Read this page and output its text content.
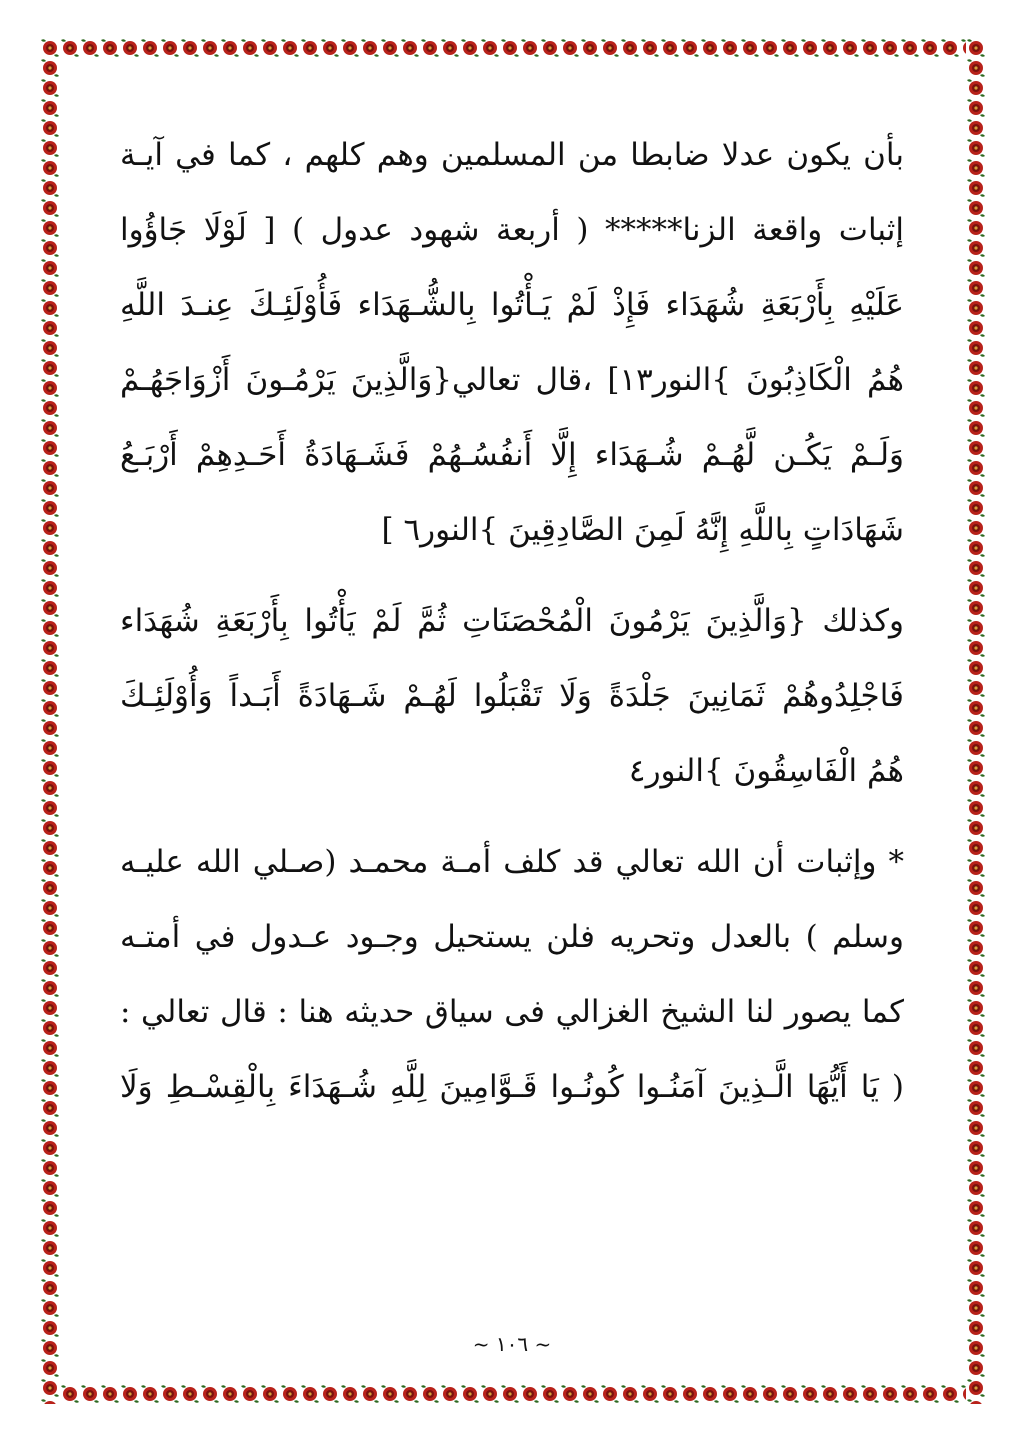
بأن يكون عدلا ضابطا من المسلمين وهم كلهم ، كما في آيـة
إثبات واقعة الزنا***** ( أربعة شهود عدول ) [ لَوْلَا جَاؤُوا
عَلَيْهِ بِأَرْبَعَةِ شُهَدَاء فَإِذْ لَمْ يَـأْتُوا بِالشُّـهَدَاء فَأُوْلَئِـكَ عِنـدَ اللَّهِ
هُمُ الْكَاذِبُونَ }النور١٣] ،قال تعالي{وَالَّذِينَ يَرْمُـونَ أَزْوَاجَهُـمْ
وَلَـمْ يَكُـن لَّهُـمْ شُـهَدَاء إِلَّا أَنفُسُـهُمْ فَشَـهَادَةُ أَحَـدِهِمْ أَرْبَـعُ
شَهَادَاتٍ بِاللَّهِ إِنَّهُ لَمِنَ الصَّادِقِينَ }النور٦ ]
وكذلك {وَالَّذِينَ يَرْمُونَ الْمُحْصَنَاتِ ثُمَّ لَمْ يَأْتُوا بِأَرْبَعَةِ شُهَدَاء
فَاجْلِدُوهُمْ ثَمَانِينَ جَلْدَةً وَلَا تَقْبَلُوا لَهُـمْ شَـهَادَةً أَبَـداً وَأُوْلَئِـكَ
هُمُ الْفَاسِقُونَ }النور٤
* وإثبات أن الله تعالي قد كلف أمـة محمـد (صـلي الله عليـه
وسلم ) بالعدل وتحريه فلن يستحيل وجـود عـدول في أمتـه
كما يصور لنا الشيخ الغزالي فى سياق حديثه هنا : قال تعالي :
( يَا أَيُّهَا الَّـذِينَ آمَنُـوا كُونُـوا قَـوَّامِينَ لِلَّهِ شُـهَدَاءَ بِالْقِسْـطِ وَلَا
~ ١٠٦ ~
